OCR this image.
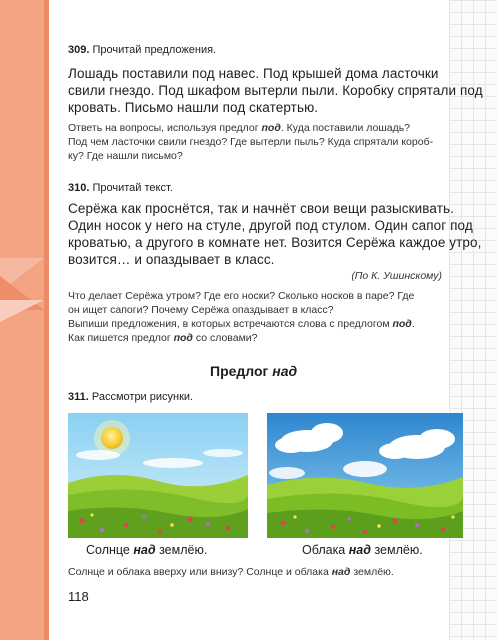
309. Прочитай предложения.
Лошадь поставили под навес. Под крышей дома ласточки
свили гнездо. Под шкафом вытерли пыли. Коробку спрятали под
кровать. Письмо нашли под скатертью.
Ответь на вопросы, используя предлог под. Куда поставили лошадь?
Под чем ласточки свили гнездо? Где вытерли пыль? Куда спрятали короб-
ку? Где нашли письмо?
310. Прочитай текст.
Серёжа как проснётся, так и начнёт свои вещи разыскивать.
Один носок у него на стуле, другой под стулом. Один сапог под
кроватью, а другого в комнате нет. Возится Серёжа каждое утро,
возится… и опаздывает в класс.
(По К. Ушинскому)
Что делает Серёжа утром? Где его носки? Сколько носков в паре? Где
он ищет сапоги? Почему Серёжа опаздывает в класс?
Выпиши предложения, в которых встречаются слова с предлогом под.
Как пишется предлог под со словами?
Предлог над
311. Рассмотри рисунки.
Солнце над землёю.	Облака над землёю.
Солнце и облака вверху или внизу? Солнце и облака над землёю.
118
